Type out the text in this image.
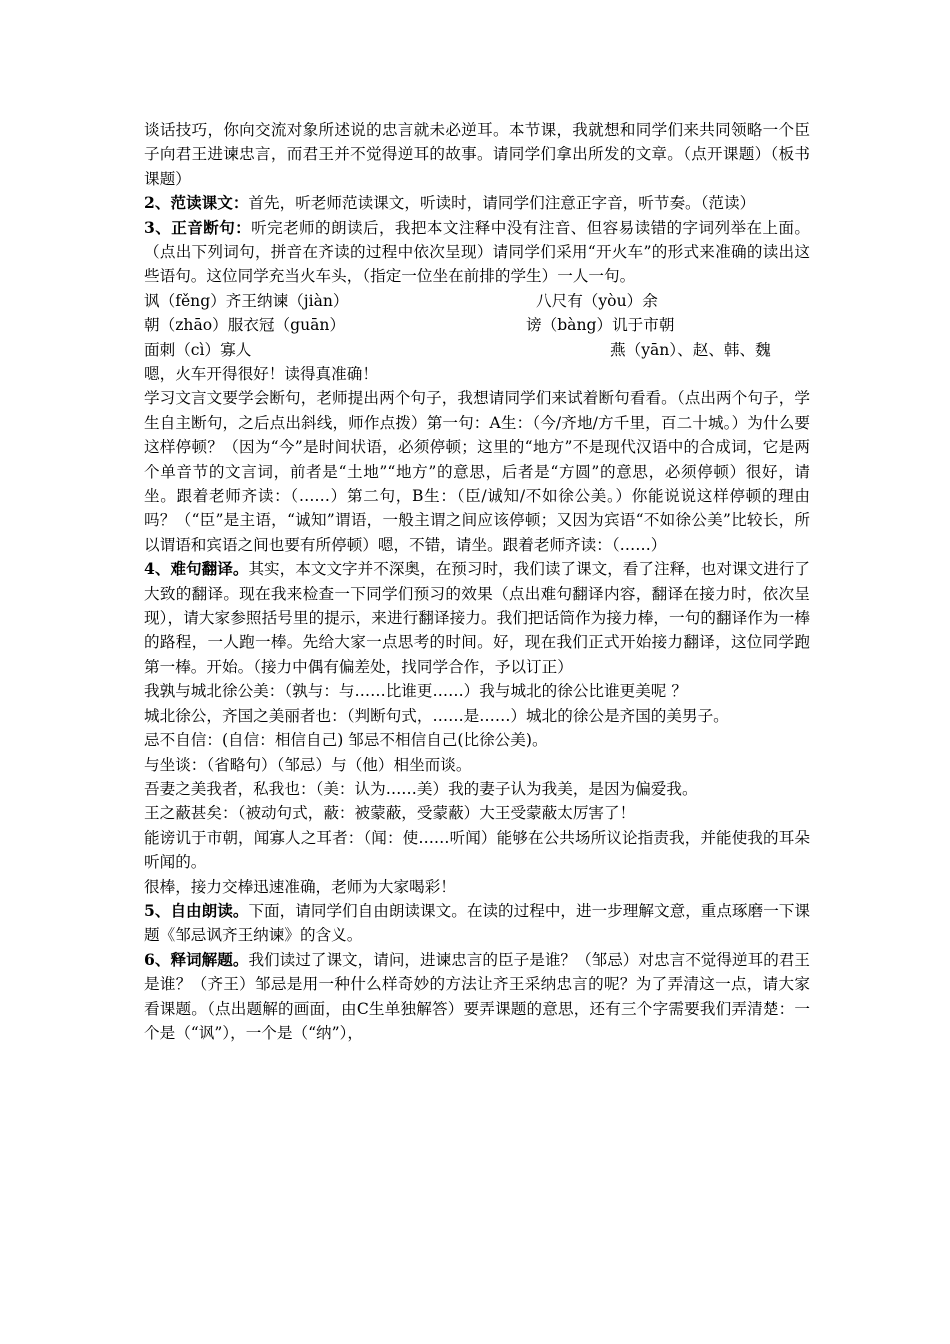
谈话技巧，你向交流对象所述说的忠言就未必逆耳。本节课，我就想和同学们来共同领略一个臣子向君王进谏忠言，而君王并不觉得逆耳的故事。请同学们拿出所发的文章。（点开课题）（板书课题）

2、范读课文：首先，听老师范读课文，听读时，请同学们注意正字音，听节奏。（范读）

3、正音断句：听完老师的朗读后，我把本文注释中没有注音、但容易读错的字词列举在上面。（点出下列词句，拼音在齐读的过程中依次呈现）请同学们采用“开火车”的形式来准确的读出这些语句。这位同学充当火车头，（指定一位坐在前排的学生）一人一句。

讽（fěng）齐王纳谏（jiàn）	八尺有（yòu）余
朝（zhāo）服衣冠（guān）	谤（bàng）讥于市朝
面刺（cì）寡人	燕（yān）、赵、韩、魏

嗯，火车开得很好！读得真准确！

学习文言文要学会断句，老师提出两个句子，我想请同学们来试着断句看看。（点出两个句子，学生自主断句，之后点出斜线，师作点拨）第一句：A生：（今/齐地/方千里，百二十城。）为什么要这样停顿？（因为“今”是时间状语，必须停顿；这里的“地方”不是现代汉语中的合成词，它是两个单音节的文言词，前者是“土地”“地方”的意思，后者是“方圆”的意思，必须停顿）很好，请坐。跟着老师齐读：（……）第二句，B生：（臣/诚知/不如徐公美。）你能说说这样停顿的理由吗？（“臣”是主语，“诚知”谓语，一般主谓之间应该停顿；又因为宾语“不如徐公美”比较长，所以谓语和宾语之间也要有所停顿）嗯，不错，请坐。跟着老师齐读：（……）

4、难句翻译。其实，本文文字并不深奥，在预习时，我们读了课文，看了注释，也对课文进行了大致的翻译。现在我来检查一下同学们预习的效果（点出难句翻译内容，翻译在接力时，依次呈现），请大家参照括号里的提示，来进行翻译接力。我们把话筒作为接力棒，一句的翻译作为一棒的路程，一人跑一棒。先给大家一点思考的时间。好，现在我们正式开始接力翻译，这位同学跑第一棒。开始。（接力中偶有偏差处，找同学合作，予以订正）

我孰与城北徐公美：（孰与：与……比谁更……）我与城北的徐公比谁更美呢 ？

城北徐公，齐国之美丽者也：（判断句式，……是……）城北的徐公是齐国的美男子。

忌不自信：(自信：相信自己) 邹忌不相信自己(比徐公美)。

与坐谈：（省略句）（邹忌）与（他）相坐而谈。

吾妻之美我者，私我也：（美：认为……美）我的妻子认为我美，是因为偏爱我。

王之蔽甚矣：（被动句式，蔽：被蒙蔽，受蒙蔽）大王受蒙蔽太厉害了！

能谤讥于市朝，闻寡人之耳者：（闻：使……听闻）能够在公共场所议论指责我，并能使我的耳朵听闻的。

很棒，接力交棒迅速准确，老师为大家喝彩！

5、自由朗读。下面，请同学们自由朗读课文。在读的过程中，进一步理解文意，重点琢磨一下课题《邹忌讽齐王纳谏》的含义。

6、释词解题。我们读过了课文，请问，进谏忠言的臣子是谁？（邹忌）对忠言不觉得逆耳的君王是谁？（齐王）邹忌是用一种什么样奇妙的方法让齐王采纳忠言的呢？为了弄清这一点，请大家看课题。（点出题解的画面，由C生单独解答）要弄课题的意思，还有三个字需要我们弄清楚：一个是（“讽”），一个是（“纳”），
